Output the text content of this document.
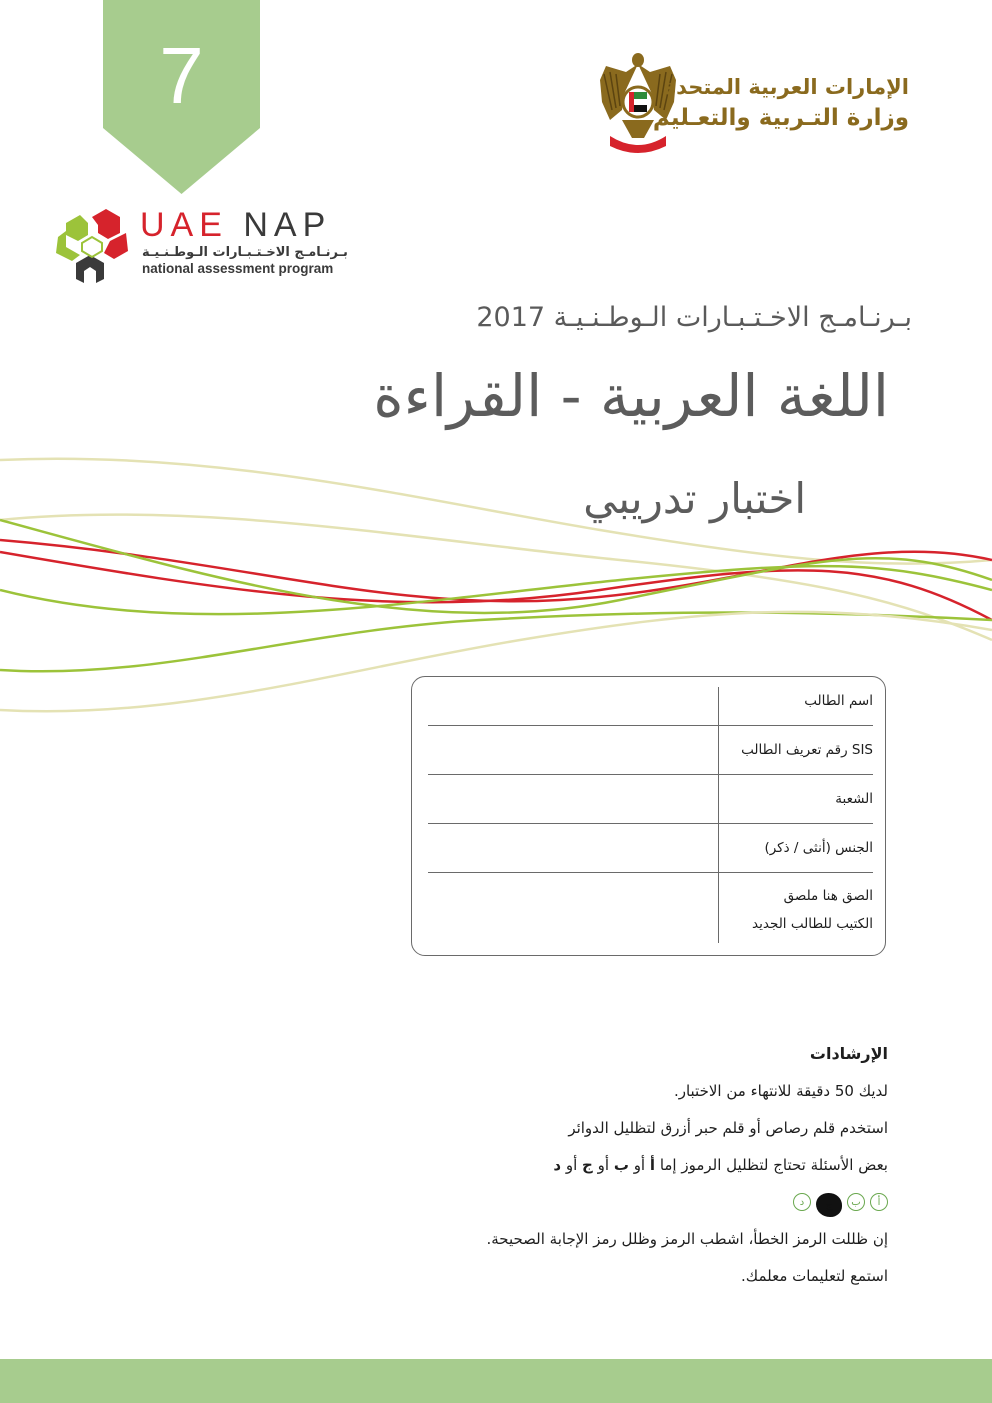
7	الإمارات العربية المتحدة
وزارة التـربية والتعـليم
UAE NAP
بـرنـامـج الاخـتـبـارات الـوطـنـيـة
national assessment program
بـرنـامـج الاخـتـبـارات الـوطـنـيـة 2017
اللغة العربية - القراءة
اختبار تدريبي
اسم الطالب
SIS رقم تعريف الطالب
الشعبة
الجنس (أنثى / ذكر)
الصق هنا ملصق
الكتيب للطالب الجديد
الإرشادات
لديك 50 دقيقة للانتهاء من الاختبار.
استخدم قلم رصاص أو قلم حبر أزرق لتظليل الدوائر
بعض الأسئلة تحتاج لتظليل الرموز إما أ أو ب أو ج أو د
أ
ب
ج
د
إن ظللت الرمز الخطأ، اشطب الرمز وظلل رمز الإجابة الصحيحة.
استمع لتعليمات معلمك.
